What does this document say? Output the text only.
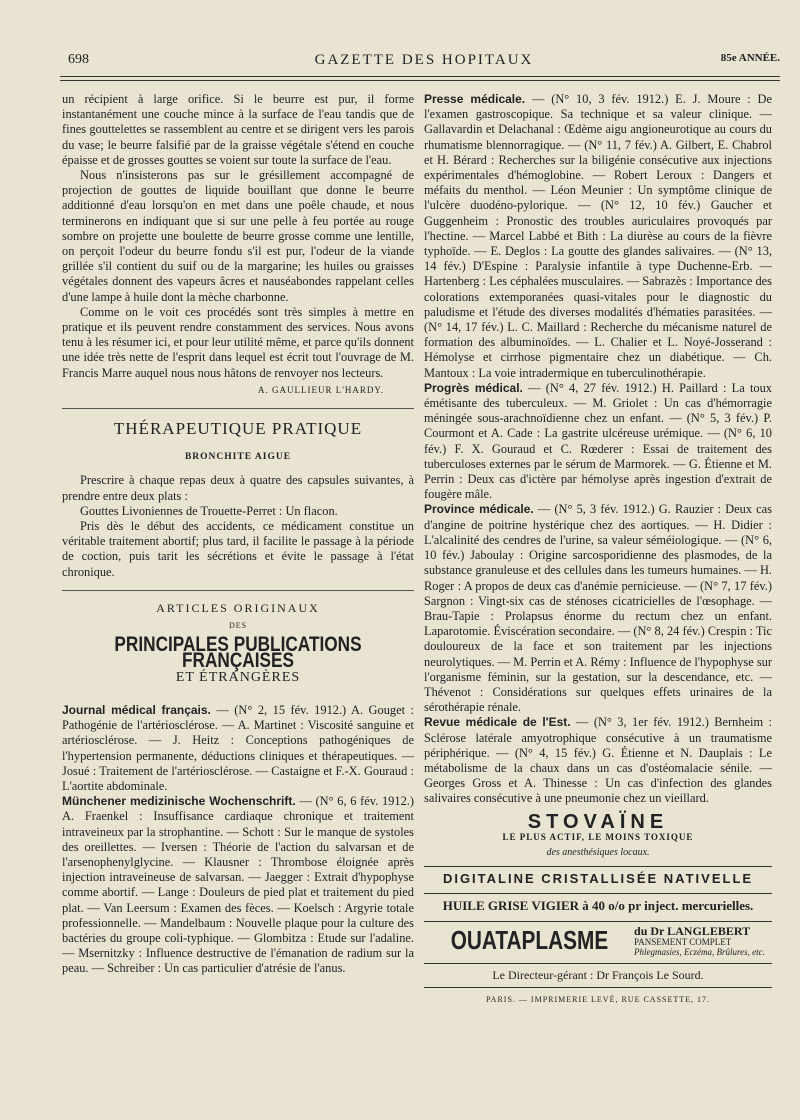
698	GAZETTE DES HOPITAUX	85e ANNÉE.

un récipient à large orifice. Si le beurre est pur, il forme instantanément une couche mince à la surface de l'eau tandis que de fines gouttelettes se rassemblent au centre et se dirigent vers les parois du vase; le beurre falsifié par de la graisse végétale s'étend en couche épaisse et de grosses gouttes se voient sur toute la surface de l'eau.

Nous n'insisterons pas sur le grésillement accompagné de projection de gouttes de liquide bouillant que donne le beurre additionné d'eau lorsqu'on en met dans une poêle chaude, et nous terminerons en indiquant que si sur une pelle à feu portée au rouge sombre on projette une boulette de beurre grosse comme une lentille, on perçoit l'odeur du beurre fondu s'il est pur, l'odeur de la viande grillée s'il contient du suif ou de la margarine; les huiles ou graisses végétales donnent des vapeurs âcres et nauséabondes rappelant celles d'une lampe à huile dont la mèche charbonne.

Comme on le voit ces procédés sont très simples à mettre en pratique et ils peuvent rendre constamment des services. Nous avons tenu à les résumer ici, et pour leur utilité même, et parce qu'ils donnent une idée très nette de l'esprit dans lequel est écrit tout l'ouvrage de M. Francis Marre auquel nous nous hâtons de renvoyer nos lecteurs.

A. GAULLIEUR L'HARDY.
THÉRAPEUTIQUE PRATIQUE
BRONCHITE AIGUE

Prescrire à chaque repas deux à quatre des capsules suivantes, à prendre entre deux plats :

Gouttes Livoniennes de Trouette-Perret : Un flacon.

Pris dès le début des accidents, ce médicament constitue un véritable traitement abortif; plus tard, il facilite le passage à la période de coction, puis tarit les sécrétions et évite le passage à l'état chronique.

ARTICLES ORIGINAUX
DES
PRINCIPALES PUBLICATIONS FRANÇAISES
ET ÉTRANGÈRES

Journal médical français. — (N° 2, 15 fév. 1912.) A. Gouget : Pathogénie de l'artériosclérose. — A. Martinet : Viscosité sanguine et artériosclérose. — J. Heitz : Conceptions pathogéniques de l'hypertension permanente, déductions cliniques et thérapeutiques. — Josué : Traitement de l'artériosclérose. — Castaigne et F.-X. Gouraud : L'aortite abdominale.

Münchener medizinische Wochenschrift. — (N° 6, 6 fév. 1912.) A. Fraenkel : Insuffisance cardiaque chronique et traitement intraveineux par la strophantine. — Schott : Sur le manque de systoles des oreillettes. — Iversen : Théorie de l'action du salvarsan et de l'arsenophenylglycine. — Klausner : Thrombose éloignée après injection intraveineuse de salvarsan. — Jaegger : Extrait d'hypophyse comme abortif. — Lange : Douleurs de pied plat et traitement du pied plat. — Van Leersum : Examen des fèces. — Koelsch : Argyrie totale professionnelle. — Mandelbaum : Nouvelle plaque pour la culture des bactéries du groupe coli-typhique. — Glombitza : Etude sur l'adaline. — Msernitzky : Influence destructive de l'émanation de radium sur la peau. — Schreiber : Un cas particulier d'atrésie de l'anus.

Presse médicale. — (N° 10, 3 fév. 1912.) E. J. Moure : De l'examen gastroscopique. Sa technique et sa valeur clinique. — Gallavardin et Delachanal : Œdème aigu angioneurotique au cours du rhumatisme blennorragique. — (N° 11, 7 fév.) A. Gilbert, E. Chabrol et H. Bérard : Recherches sur la biligénie consécutive aux injections expérimentales d'hémoglobine. — Robert Leroux : Dangers et méfaits du menthol. — Léon Meunier : Un symptôme clinique de l'ulcère duodéno-pylorique. — (N° 12, 10 fév.) Gaucher et Guggenheim : Pronostic des troubles auriculaires provoqués par l'hectine. — Marcel Labbé et Bith : La diurèse au cours de la fièvre typhoïde. — E. Deglos : La goutte des glandes salivaires. — (N° 13, 14 fév.) D'Espine : Paralysie infantile à type Duchenne-Erb. — Hartenberg : Les céphalées musculaires. — Sabrazès : Importance des colorations extemporanées quasi-vitales pour le diagnostic du paludisme et l'étude des diverses modalités d'hématies parasitées. — (N° 14, 17 fév.) L. C. Maillard : Recherche du mécanisme naturel de formation des albuminoïdes. — L. Chalier et L. Noyé-Josserand : Hémolyse et cirrhose pigmentaire chez un diabétique. — Ch. Mantoux : La voie intradermique en tuberculinothérapie.

Progrès médical. — (N° 4, 27 fév. 1912.) H. Paillard : La toux émétisante des tuberculeux. — M. Griolet : Un cas d'hémorragie méningée sous-arachnoïdienne chez un enfant. — (N° 5, 3 fév.) P. Courmont et A. Cade : La gastrite ulcéreuse urémique. — (N° 6, 10 fév.) F. X. Gouraud et C. Rœderer : Essai de traitement des tuberculoses externes par le sérum de Marmorek. — G. Étienne et M. Perrin : Deux cas d'ictère par hémolyse après ingestion d'extrait de fougère mâle.

Province médicale. — (N° 5, 3 fév. 1912.) G. Rauzier : Deux cas d'angine de poitrine hystérique chez des aortiques. — H. Didier : L'alcalinité des cendres de l'urine, sa valeur séméiologique. — (N° 6, 10 fév.) Jaboulay : Origine sarcosporidienne des plasmodes, de la substance granuleuse et des cellules dans les tumeurs humaines. — H. Roger : A propos de deux cas d'anémie pernicieuse. — (N° 7, 17 fév.) Sargnon : Vingt-six cas de sténoses cicatricielles de l'œsophage. — Brau-Tapie : Prolapsus énorme du rectum chez un enfant. Laparotomie. Éviscération secondaire. — (N° 8, 24 fév.) Crespin : Tic douloureux de la face et son traitement par les injections neurolytiques. — M. Perrin et A. Rémy : Influence de l'hypophyse sur l'organisme féminin, sur la gestation, sur la descendance, etc. — Thévenot : Considérations sur quelques effets urinaires de la sérothérapie rénale.

Revue médicale de l'Est. — (N° 3, 1er fév. 1912.) Bernheim : Sclérose latérale amyotrophique consécutive à un traumatisme périphérique. — (N° 4, 15 fév.) G. Étienne et N. Dauplais : Le métabolisme de la chaux dans un cas d'ostéomalacie sénile. — Georges Gross et A. Thinesse : Un cas d'infection des glandes salivaires consécutive à une pneumonie chez un vieillard.

STOVAÏNE
LE PLUS ACTIF, LE MOINS TOXIQUE
des anesthésiques locaux.
DIGITALINE CRISTALLISÉE NATIVELLE
HUILE GRISE VIGIER à 40 o/o pr inject. mercurielles.
OUATAPLASME du Dr LANGLEBERT
PANSEMENT COMPLET
Phlegmasies, Eczéma, Brûlures, etc.
Le Directeur-gérant : Dr François Le Sourd.
PARIS. — IMPRIMERIE LEVÉ, RUE CASSETTE, 17.
